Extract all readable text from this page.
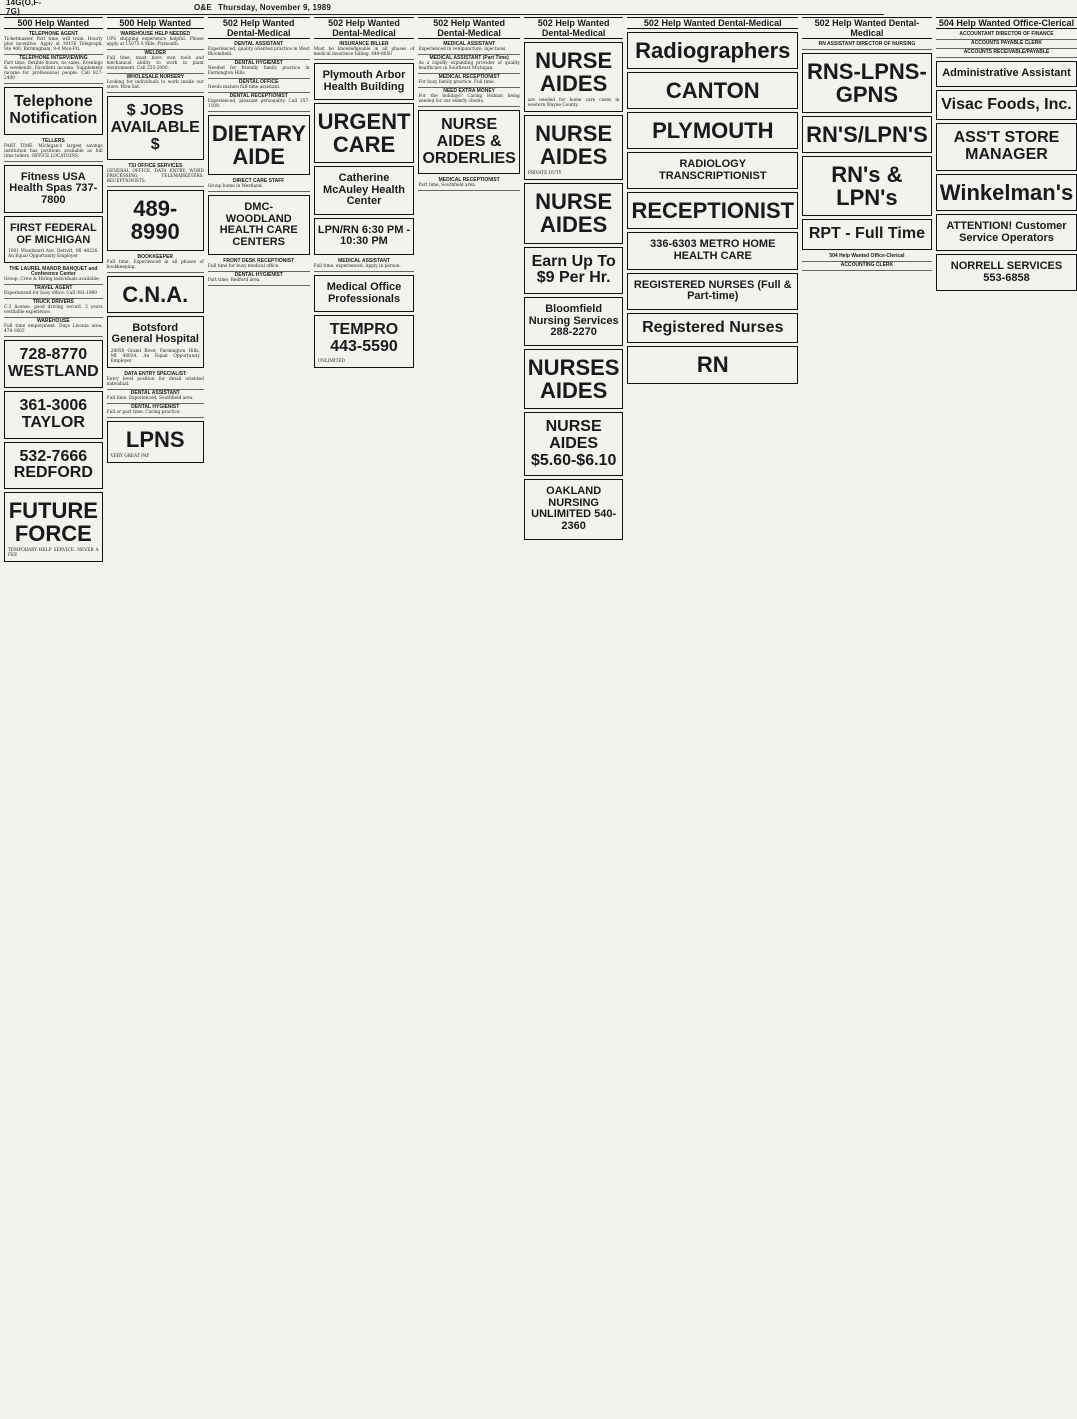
14G(O,F-7G)	O&E Thursday, November 9, 1989
500 Help Wanted
TELEPHONE AGENT
Ticketmaster. Part time, will train. Hourly plus incentive. Apply at 30150 Telegraph, Ste 400, Birmingham, 9-4 Mon-Fri.
TELEPHONE INTERVIEWING
Part time, flexible hours, no sales. Evenings & weekends. Excellent income. Supplement income for professional people. Call 827-2400
Telephone Notification
TELLERS
PART TIME. Michigan's largest savings institution has positions available as full time tellers. OFFICE LOCATIONS.
Fitness USA Health Spas 737-7800
FIRST FEDERAL OF MICHIGAN
1001 Woodward Ave, Detroit, MI 48226. An Equal Opportunity Employer
THE LAUREL MANOR BANQUET and Conference Center
Group, Crew & Hiring individuals available.
TRAVEL AGENT
Experienced for busy office. Call 392-1990
TRUCK DRIVERS
C-2 license, good driving record, 2 years verifiable experience.
WAREHOUSE
Full time employment. Days Livonia area. 478-1603
728-8770 WESTLAND
361-3006 TAYLOR
532-7666 REDFORD
FUTURE FORCE
TEMPORARY HELP SERVICE. NEVER A FEE
500 Help Wanted
WAREHOUSE HELP NEEDED
UPS shipping experience helpful. Please apply at 15075 S Mile, Plymouth.
WELDER
Full time, must have own tools and mechanical ability to work in plant environment. Call 255-2000.
WHOLESALE NURSERY
Looking for individuals to work inside our store. Mon-Sat.
$ JOBS AVAILABLE $
TSI OFFICE SERVICES
GENERAL OFFICE, DATA ENTRY, WORD PROCESSING, TELEMARKETERS, RECEPTIONISTS.
489-8990
BOOKKEEPER
Full time. Experienced in all phases of bookkeeping.
C.N.A.
Botsford General Hospital
28050 Grand River, Farmington Hills, MI 48024. An Equal Opportunity Employer
DATA ENTRY SPECIALIST
Entry level position for detail oriented individual.
DENTAL ASSISTANT
Full time. Experienced, Southfield area.
DENTAL HYGIENIST
Full or part time. Caring practice.
LPNS
VERY GREAT PAY
502 Help Wanted Dental-Medical
DENTAL ASSISTANT
Experienced, quality oriented practice in West Bloomfield.
DENTAL HYGIENIST
Needed for friendly family practice in Farmington Hills.
DENTAL OFFICE
Needs mature full-time assistant.
DENTAL RECEPTIONIST
Experienced, pleasant personality. Call 357-1109.
DIETARY AIDE
DIRECT CARE STAFF
Group home in Westland.
DMC-WOODLAND HEALTH CARE CENTERS
FRONT DESK RECEPTIONIST
Full time for busy medical office.
DENTAL HYGIENIST
Part time, Redford area.
502 Help Wanted Dental-Medical
INSURANCE BILLER
Must be knowledgeable in all phases of medical insurance billing. 649-8050
Plymouth Arbor Health Building
URGENT CARE
Catherine McAuley Health Center
LPN/RN 6:30 PM - 10:30 PM
MEDICAL ASSISTANT
Full time, experienced. Apply in person.
Medical Office Professionals
TEMPRO 443-5590
UNLIMITED
502 Help Wanted Dental-Medical
MEDICAL ASSISTANT
Experienced in venipuncture, injections.
MEDICAL ASSISTANT (Part Time)
As a rapidly expanding provider of quality healthcare in Southeast Michigan.
MEDICAL RECEPTIONIST
For busy family practice. Full time.
NEED EXTRA MONEY
For the holidays? Caring Human being needed for our elderly clients.
NURSE AIDES & ORDERLIES
MEDICAL RECEPTIONIST
Part time, Southfield area.
502 Help Wanted Dental-Medical
NURSE AIDES
are needed for home care cases in western Wayne County.
NURSE AIDES
PRIVATE DUTY
NURSE AIDES
Earn Up To $9 Per Hr.
Bloomfield Nursing Services 288-2270
NURSES AIDES
NURSE AIDES $5.60-$6.10
OAKLAND NURSING UNLIMITED 540-2360
502 Help Wanted Dental-Medical
Radiographers
CANTON
PLYMOUTH
RADIOLOGY TRANSCRIPTIONIST
RECEPTIONIST
336-6303 METRO HOME HEALTH CARE
REGISTERED NURSES (Full & Part-time)
Registered Nurses
RN
502 Help Wanted Dental-Medical
RN ASSISTANT DIRECTOR OF NURSING
RNS-LPNS-GPNS
RN'S/LPN'S
RN's & LPN's
RPT - Full Time
504 Help Wanted Office-Clerical
ACCOUNTING CLERK
504 Help Wanted Office-Clerical
ACCOUNTANT DIRECTOR OF FINANCE
ACCOUNTS PAYABLE CLERK
ACCOUNTS RECEIVABLE/PAYABLE
Administrative Assistant
Visac Foods, Inc.
ASS'T STORE MANAGER
Winkelman's
ATTENTION! Customer Service Operators
NORRELL SERVICES 553-6858
